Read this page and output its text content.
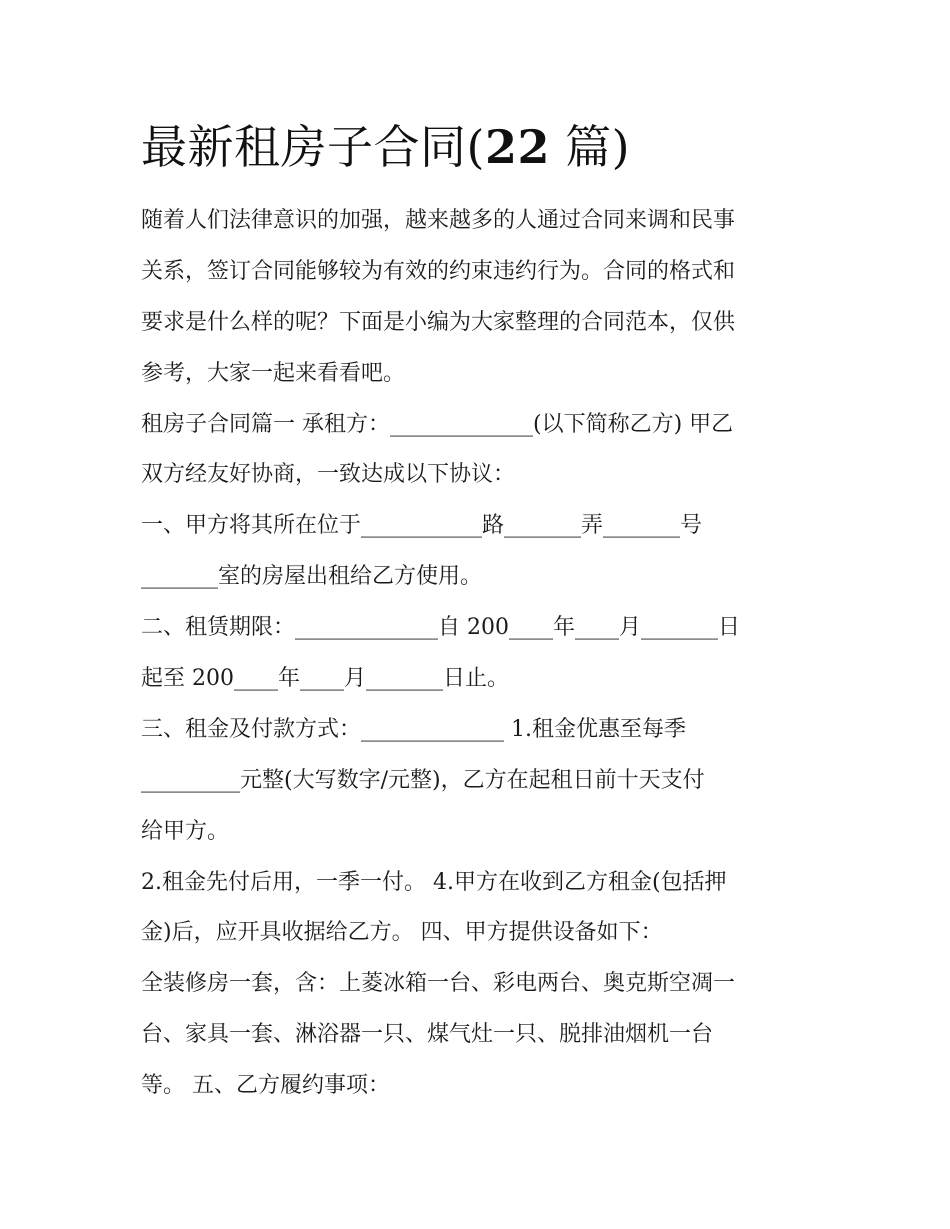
最新租房子合同(22 篇)

随着人们法律意识的加强，越来越多的人通过合同来调和民事
关系，签订合同能够较为有效的约束违约行为。合同的格式和
要求是什么样的呢？下面是小编为大家整理的合同范本，仅供
参考，大家一起来看看吧。

租房子合同篇一 承租方：_____________(以下简称乙方) 甲乙
双方经友好协商，一致达成以下协议：

一、甲方将其所在位于___________路_______弄_______号
_______室的房屋出租给乙方使用。

二、租赁期限：_____________自 200____年____月_______日
起至 200____年____月_______日止。

三、租金及付款方式：_____________ 1.租金优惠至每季
_________元整(大写数字/元整)，乙方在起租日前十天支付
给甲方。

2.租金先付后用，一季一付。 4.甲方在收到乙方租金(包括押
金)后，应开具收据给乙方。 四、甲方提供设备如下：

全装修房一套，含：上菱冰箱一台、彩电两台、奥克斯空凋一
台、家具一套、淋浴器一只、煤气灶一只、脱排油烟机一台
等。 五、乙方履约事项：
